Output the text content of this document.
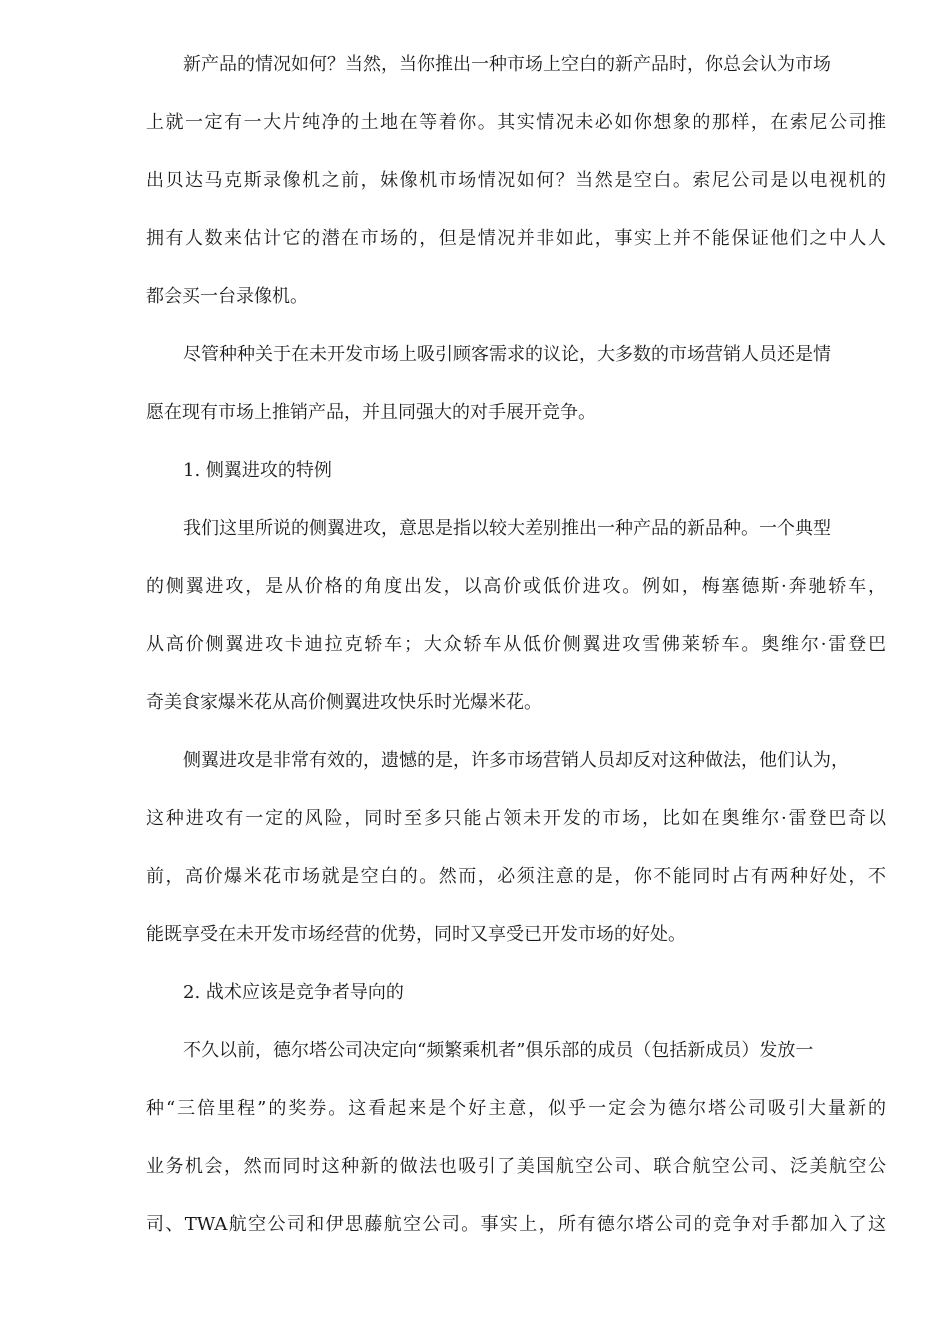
新产品的情况如何？当然，当你推出一种市场上空白的新产品时，你总会认为市场
上就一定有一大片纯净的土地在等着你。其实情况未必如你想象的那样，在索尼公司推
出贝达马克斯录像机之前，妹像机市场情况如何？当然是空白。索尼公司是以电视机的
拥有人数来估计它的潜在市场的，但是情况并非如此，事实上并不能保证他们之中人人
都会买一台录像机。
尽管种种关于在未开发市场上吸引顾客需求的议论，大多数的市场营销人员还是情
愿在现有市场上推销产品，并且同强大的对手展开竞争。
1. 侧翼进攻的特例
我们这里所说的侧翼进攻，意思是指以较大差别推出一种产品的新品种。一个典型
的侧翼进攻，是从价格的角度出发，以高价或低价进攻。例如，梅塞德斯·奔驰轿车，
从高价侧翼进攻卡迪拉克轿车；大众轿车从低价侧翼进攻雪佛莱轿车。奥维尔·雷登巴
奇美食家爆米花从高价侧翼进攻快乐时光爆米花。
侧翼进攻是非常有效的，遗憾的是，许多市场营销人员却反对这种做法，他们认为，
这种进攻有一定的风险，同时至多只能占领未开发的市场，比如在奥维尔·雷登巴奇以
前，高价爆米花市场就是空白的。然而，必须注意的是，你不能同时占有两种好处，不
能既享受在未开发市场经营的优势，同时又享受已开发市场的好处。
2. 战术应该是竞争者导向的
不久以前，德尔塔公司决定向“频繁乘机者”俱乐部的成员（包括新成员）发放一
种“三倍里程”的奖券。这看起来是个好主意，似乎一定会为德尔塔公司吸引大量新的
业务机会，然而同时这种新的做法也吸引了美国航空公司、联合航空公司、泛美航空公
司、TWA航空公司和伊思藤航空公司。事实上，所有德尔塔公司的竞争对手都加入了这
